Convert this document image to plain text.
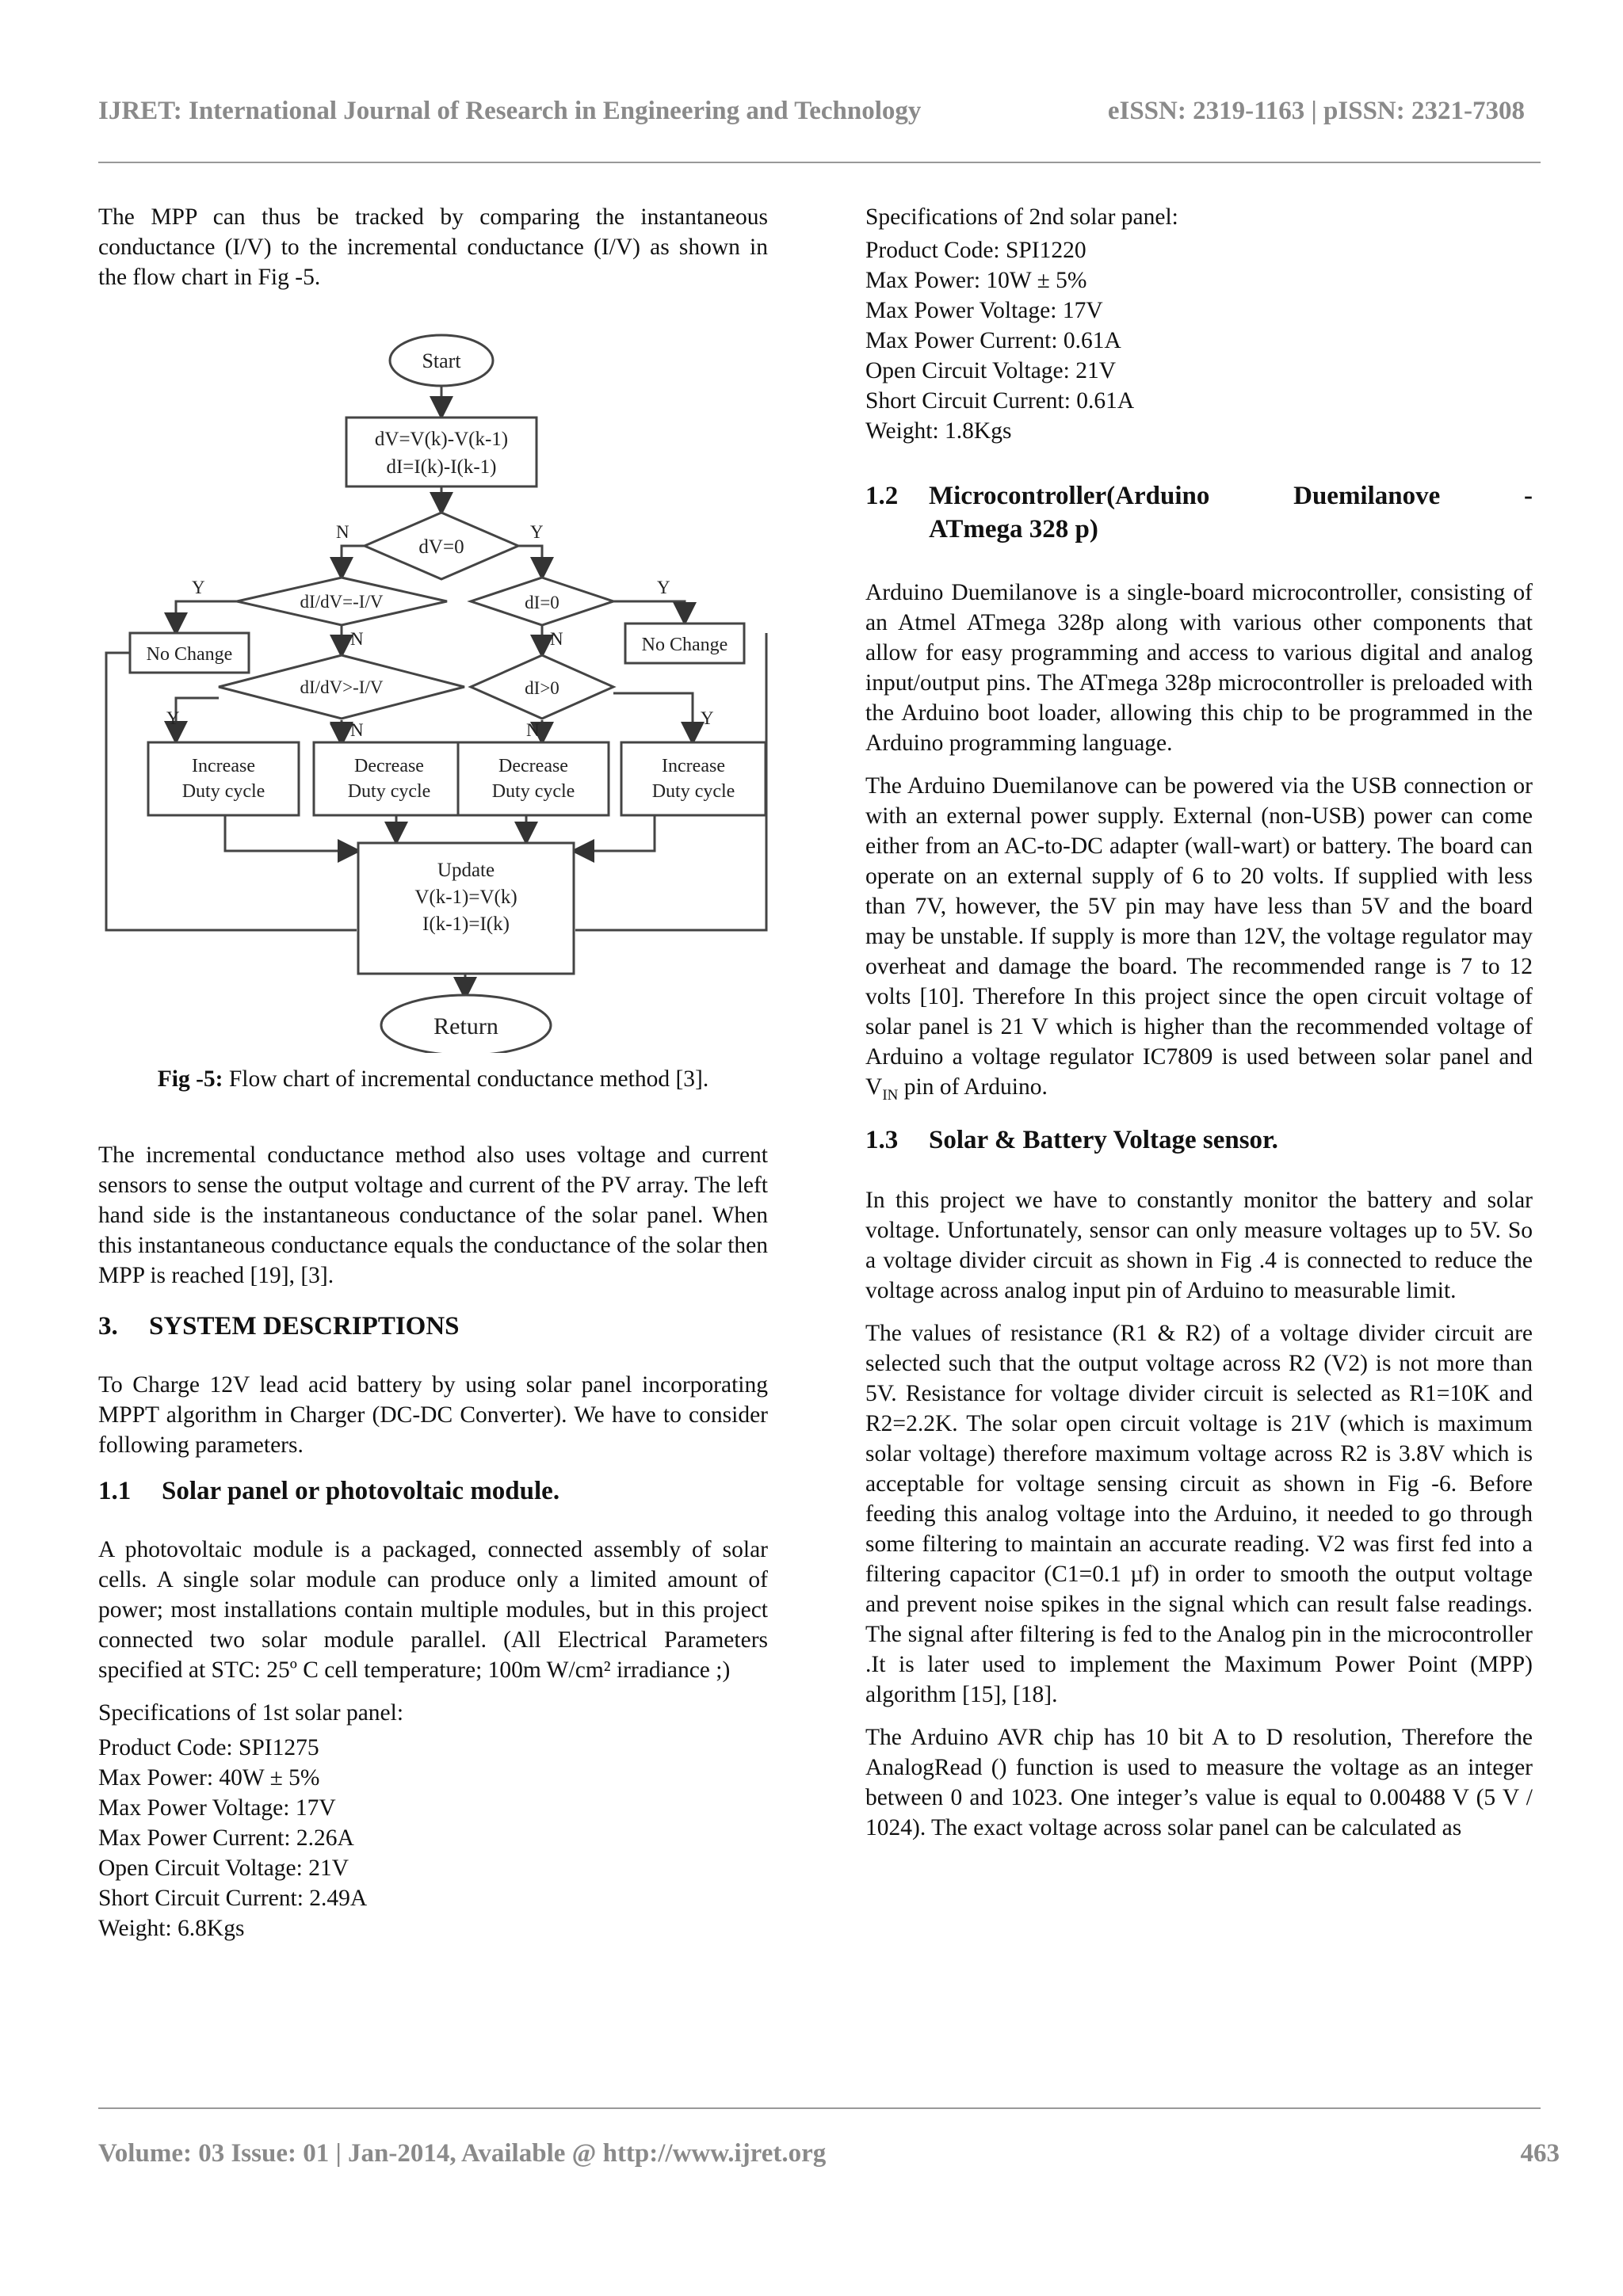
IJRET: International Journal of Research in Engineering and Technology	eISSN: 2319-1163 | pISSN: 2321-7308

The MPP can thus be tracked by comparing the instantaneous conductance (I/V) to the incremental conductance (I/V) as shown in the flow chart in Fig -5.

Start
dV=V(k)-V(k-1)
dI=I(k)-I(k-1)
dV=0
N	Y
dI/dV=-I/V
Y
N
dI=0
Y
N
No Change	No Change
dI/dV>-I/V
Y
N
dI>0
N
Y
Increase
Duty cycle
Decrease
Duty cycle
Decrease
Duty cycle
Increase
Duty cycle
Update
V(k-1)=V(k)
I(k-1)=I(k)
Return
Fig -5: Flow chart of incremental conductance method [3].

The incremental conductance method also uses voltage and current sensors to sense the output voltage and current of the PV array. The left hand side is the instantaneous conductance of the solar panel. When this instantaneous conductance equals the conductance of the solar then MPP is reached [19], [3].

3.	SYSTEM DESCRIPTIONS

To Charge 12V lead acid battery by using solar panel incorporating MPPT algorithm in Charger (DC-DC Converter). We have to consider following parameters.

1.1	Solar panel or photovoltaic module.

A photovoltaic module is a packaged, connected assembly of solar cells. A single solar module can produce only a limited amount of power; most installations contain multiple modules, but in this project connected two solar module parallel. (All Electrical Parameters specified at STC: 25º C cell temperature; 100m W/cm² irradiance ;)

Specifications of 1st solar panel:

Product Code: SPI1275
Max Power: 40W ± 5%
Max Power Voltage: 17V
Max Power Current: 2.26A
Open Circuit Voltage: 21V
Short Circuit Current: 2.49A
Weight: 6.8Kgs

Specifications of 2nd solar panel:

Product Code: SPI1220
Max Power: 10W ± 5%
Max Power Voltage: 17V
Max Power Current: 0.61A
Open Circuit Voltage: 21V
Short Circuit Current: 0.61A
Weight: 1.8Kgs
1.2	Microcontroller(Arduino Duemilanove -
ATmega 328 p)

Arduino Duemilanove is a single-board microcontroller, consisting of an Atmel ATmega 328p along with various other components that allow for easy programming and access to various digital and analog input/output pins. The ATmega 328p microcontroller is preloaded with the Arduino boot loader, allowing this chip to be programmed in the Arduino programming language.

The Arduino Duemilanove can be powered via the USB connection or with an external power supply. External (non-USB) power can come either from an AC-to-DC adapter (wall-wart) or battery. The board can operate on an external supply of 6 to 20 volts. If supplied with less than 7V, however, the 5V pin may have less than 5V and the board may be unstable. If supply is more than 12V, the voltage regulator may overheat and damage the board. The recommended range is 7 to 12 volts [10]. Therefore In this project since the open circuit voltage of solar panel is 21 V which is higher than the recommended voltage of Arduino a voltage regulator IC7809 is used between solar panel and $V_{IN}$ pin of Arduino.

1.3	Solar & Battery Voltage sensor.

In this project we have to constantly monitor the battery and solar voltage. Unfortunately, sensor can only measure voltages up to 5V. So a voltage divider circuit as shown in Fig .4 is connected to reduce the voltage across analog input pin of Arduino to measurable limit.

The values of resistance (R1 & R2) of a voltage divider circuit are selected such that the output voltage across R2 (V2) is not more than 5V. Resistance for voltage divider circuit is selected as R1=10K and R2=2.2K. The solar open circuit voltage is 21V (which is maximum solar voltage) therefore maximum voltage across R2 is 3.8V which is acceptable for voltage sensing circuit as shown in Fig -6. Before feeding this analog voltage into the Arduino, it needed to go through some filtering to maintain an accurate reading. V2 was first fed into a filtering capacitor (C1=0.1 µf) in order to smooth the output voltage and prevent noise spikes in the signal which can result false readings. The signal after filtering is fed to the Analog pin in the microcontroller .It is later used to implement the Maximum Power Point (MPP) algorithm [15], [18].

The Arduino AVR chip has 10 bit A to D resolution, Therefore the AnalogRead () function is used to measure the voltage as an integer between 0 and 1023. One integer’s value is equal to 0.00488 V (5 V / 1024). The exact voltage across solar panel can be calculated as

Volume: 03 Issue: 01 | Jan-2014, Available @ http://www.ijret.org	463
